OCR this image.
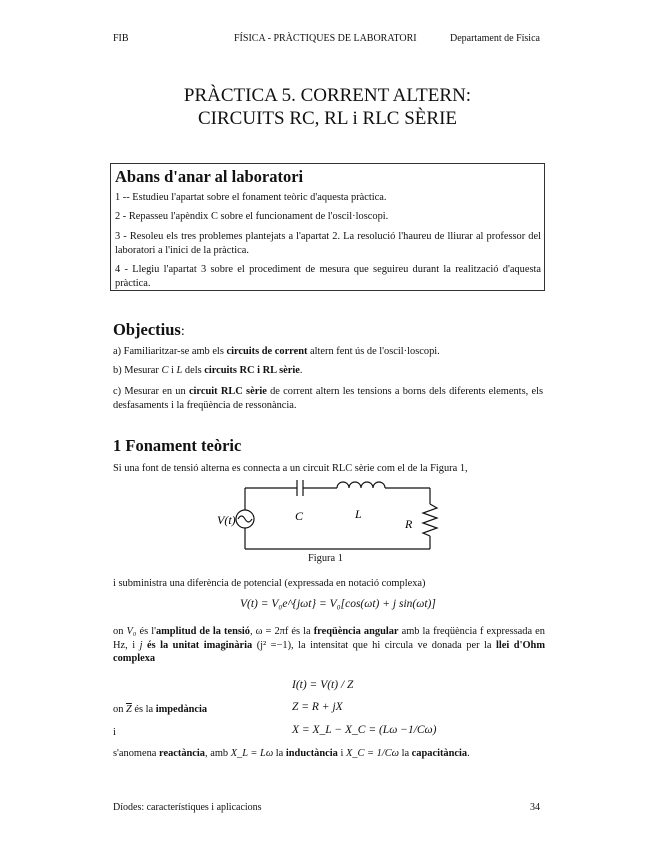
FIB	FÍSICA - PRÀCTIQUES DE LABORATORI	Departament de Física
PRÀCTICA 5. CORRENT ALTERN:
CIRCUITS RC, RL i RLC SÈRIE
Abans d'anar al laboratori
1 -- Estudieu l'apartat sobre el fonament teòric d'aquesta pràctica.
2 - Repasseu l'apèndix C sobre el funcionament de l'oscil·loscopi.
3 - Resoleu els tres problemes plantejats a l'apartat 2. La resolució l'haureu de lliurar al professor del laboratori a l'inici de la pràctica.
4 - Llegiu l'apartat 3 sobre el procediment de mesura que seguireu durant la realització d'aquesta pràctica.
Objectius:
a) Familiaritzar-se amb els circuits de corrent altern fent ús de l'oscil·loscopi.
b) Mesurar C i L dels circuits RC i RL sèrie.
c) Mesurar en un circuit RLC sèrie de corrent altern les tensions a borns dels diferents elements, els desfasaments i la freqüència de ressonància.
1 Fonament teòric
Si una font de tensió alterna es connecta a un circuit RLC sèrie com el de la Figura 1,
V(t)	C	L
R
Figura 1
i subministra una diferència de potencial (expressada en notació complexa)
V(t) = V₀e^{jωt} = V₀[cos(ωt) + j sin(ωt)]
on V₀ és l'amplitud de la tensió, ω = 2πf és la freqüència angular amb la freqüència f expressada en Hz, i j és la unitat imaginària (j² =−1), la intensitat que hi circula ve donada per la llei d'Ohm complexa
I(t) = V(t) / Z
on $\overline{Z}$ és la impedància	Z = R + jX
i	X = X_L − X_C = (Lω −1/Cω)
s'anomena reactància, amb X_L = Lω la inductància i X_C = 1/Cω la capacitància.
Díodes: característiques i aplicacions	34
